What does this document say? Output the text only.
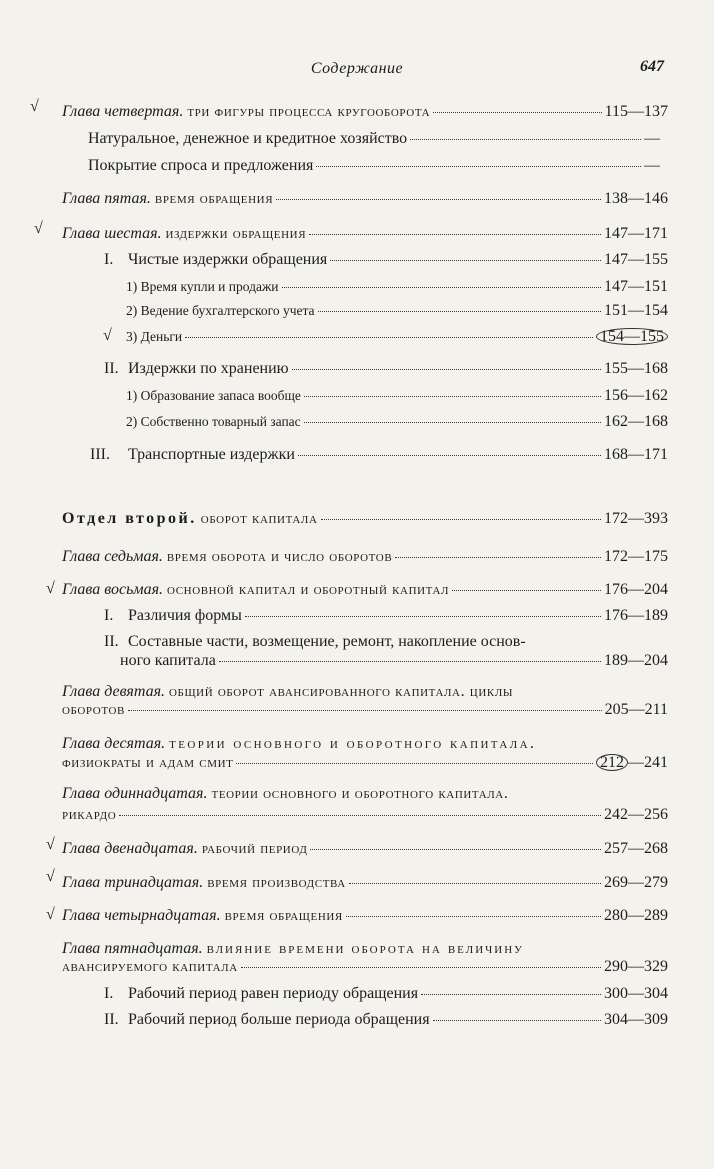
Содержание	647
√
√
√
√
√
√
√
Глава четвертая. три фигуры процесса кругооборота	115—137
Натуральное, денежное и кредитное хозяйство	—
Покрытие спроса и предложения	—
Глава пятая. время обращения	138—146
Глава шестая. издержки обращения	147—171
I. Чистые издержки обращения	147—155
1) Время купли и продажи	147—151
2) Ведение бухгалтерского учета	151—154
3) Деньги	154—155
II. Издержки по хранению	155—168
1) Образование запаса вообще	156—162
2) Собственно товарный запас	162—168
III. Транспортные издержки	168—171
Отдел второй. оборот капитала	172—393
Глава седьмая. время оборота и число оборотов	172—175
Глава восьмая. основной капитал и оборотный капитал	176—204
I. Различия формы	176—189
II. Составные части, возмещение, ремонт, накопление основ-
ного капитала	189—204
Глава девятая. общий оборот авансированного капитала. циклы
оборотов	205—211
Глава десятая. теории основного и оборотного капитала.
физиократы и адам смит	212 —241
Глава одиннадцатая. теории основного и оборотного капитала.
рикардо	242—256
Глава двенадцатая. рабочий период	257—268
Глава тринадцатая. время производства	269—279
Глава четырнадцатая. время обращения	280—289
Глава пятнадцатая. влияние времени оборота на величину
авансируемого капитала	290—329
I. Рабочий период равен периоду обращения	300—304
II. Рабочий период больше периода обращения	304—309
